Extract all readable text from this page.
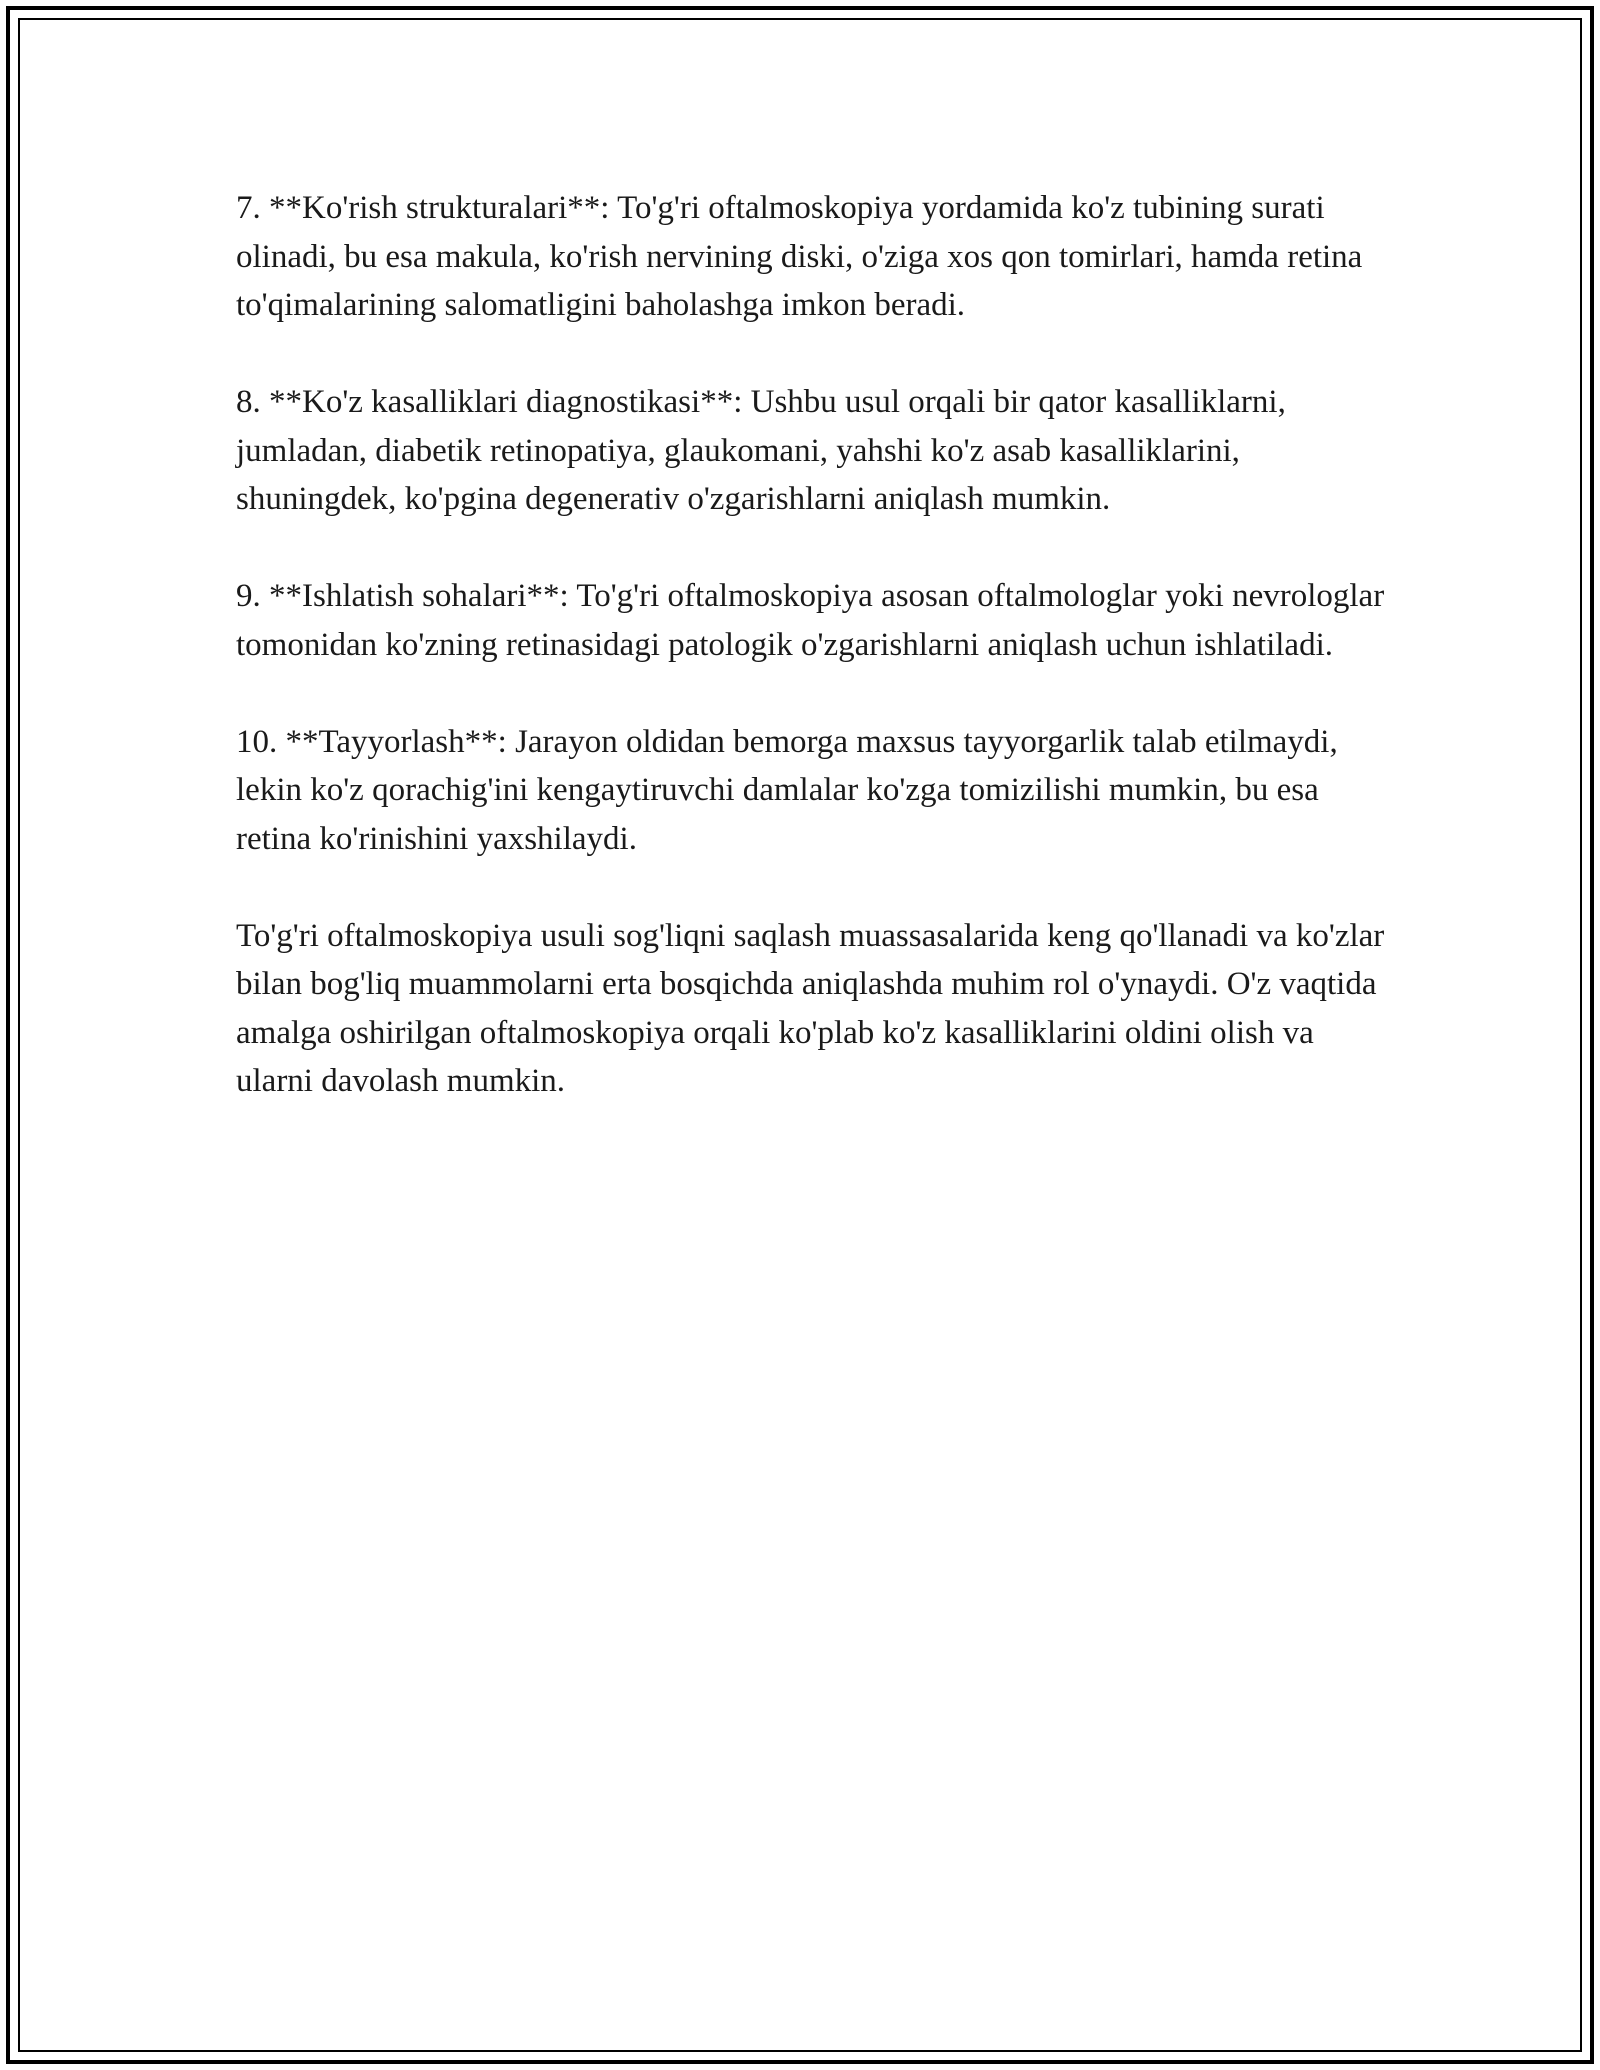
7. **Ko'rish strukturalari**: To'g'ri oftalmoskopiya yordamida ko'z tubining surati olinadi, bu esa makula, ko'rish nervining diski, o'ziga xos qon tomirlari, hamda retina to'qimalarining salomatligini baholashga imkon beradi.

8. **Ko'z kasalliklari diagnostikasi**: Ushbu usul orqali bir qator kasalliklarni, jumladan, diabetik retinopatiya, glaukomani, yahshi ko'z asab kasalliklarini, shuningdek, ko'pgina degenerativ o'zgarishlarni aniqlash mumkin.

9. **Ishlatish sohalari**: To'g'ri oftalmoskopiya asosan oftalmologlar yoki nevrologlar tomonidan ko'zning retinasidagi patologik o'zgarishlarni aniqlash uchun ishlatiladi.

10. **Tayyorlash**: Jarayon oldidan bemorga maxsus tayyorgarlik talab etilmaydi, lekin ko'z qorachig'ini kengaytiruvchi damlalar ko'zga tomizilishi mumkin, bu esa retina ko'rinishini yaxshilaydi.

To'g'ri oftalmoskopiya usuli sog'liqni saqlash muassasalarida keng qo'llanadi va ko'zlar bilan bog'liq muammolarni erta bosqichda aniqlashda muhim rol o'ynaydi. O'z vaqtida amalga oshirilgan oftalmoskopiya orqali ko'plab ko'z kasalliklarini oldini olish va ularni davolash mumkin.
